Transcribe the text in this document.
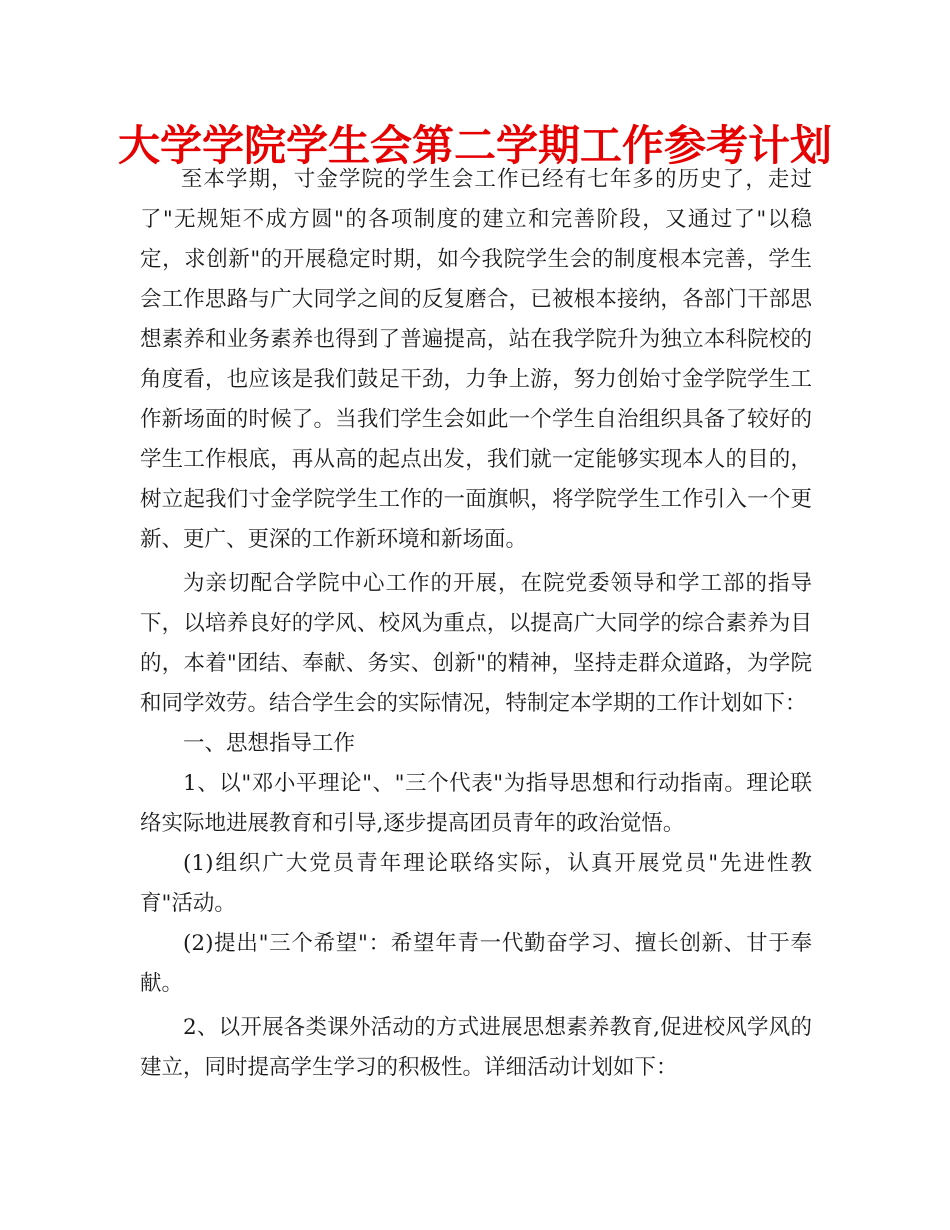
大学学院学生会第二学期工作参考计划

至本学期，寸金学院的学生会工作已经有七年多的历史了，走过了"无规矩不成方圆"的各项制度的建立和完善阶段，又通过了"以稳定，求创新"的开展稳定时期，如今我院学生会的制度根本完善，学生会工作思路与广大同学之间的反复磨合，已被根本接纳，各部门干部思想素养和业务素养也得到了普遍提高，站在我学院升为独立本科院校的角度看，也应该是我们鼓足干劲，力争上游，努力创始寸金学院学生工作新场面的时候了。当我们学生会如此一个学生自治组织具备了较好的学生工作根底，再从高的起点出发，我们就一定能够实现本人的目的，树立起我们寸金学院学生工作的一面旗帜，将学院学生工作引入一个更新、更广、更深的工作新环境和新场面。

为亲切配合学院中心工作的开展，在院党委领导和学工部的指导下，以培养良好的学风、校风为重点，以提高广大同学的综合素养为目的，本着"团结、奉献、务实、创新"的精神，坚持走群众道路，为学院和同学效劳。结合学生会的实际情况，特制定本学期的工作计划如下：

一、思想指导工作

1、以"邓小平理论"、"三个代表"为指导思想和行动指南。理论联络实际地进展教育和引导,逐步提高团员青年的政治觉悟。

(1)组织广大党员青年理论联络实际，认真开展党员"先进性教育"活动。

(2)提出"三个希望"：希望年青一代勤奋学习、擅长创新、甘于奉献。

2、以开展各类课外活动的方式进展思想素养教育,促进校风学风的建立，同时提高学生学习的积极性。详细活动计划如下：
